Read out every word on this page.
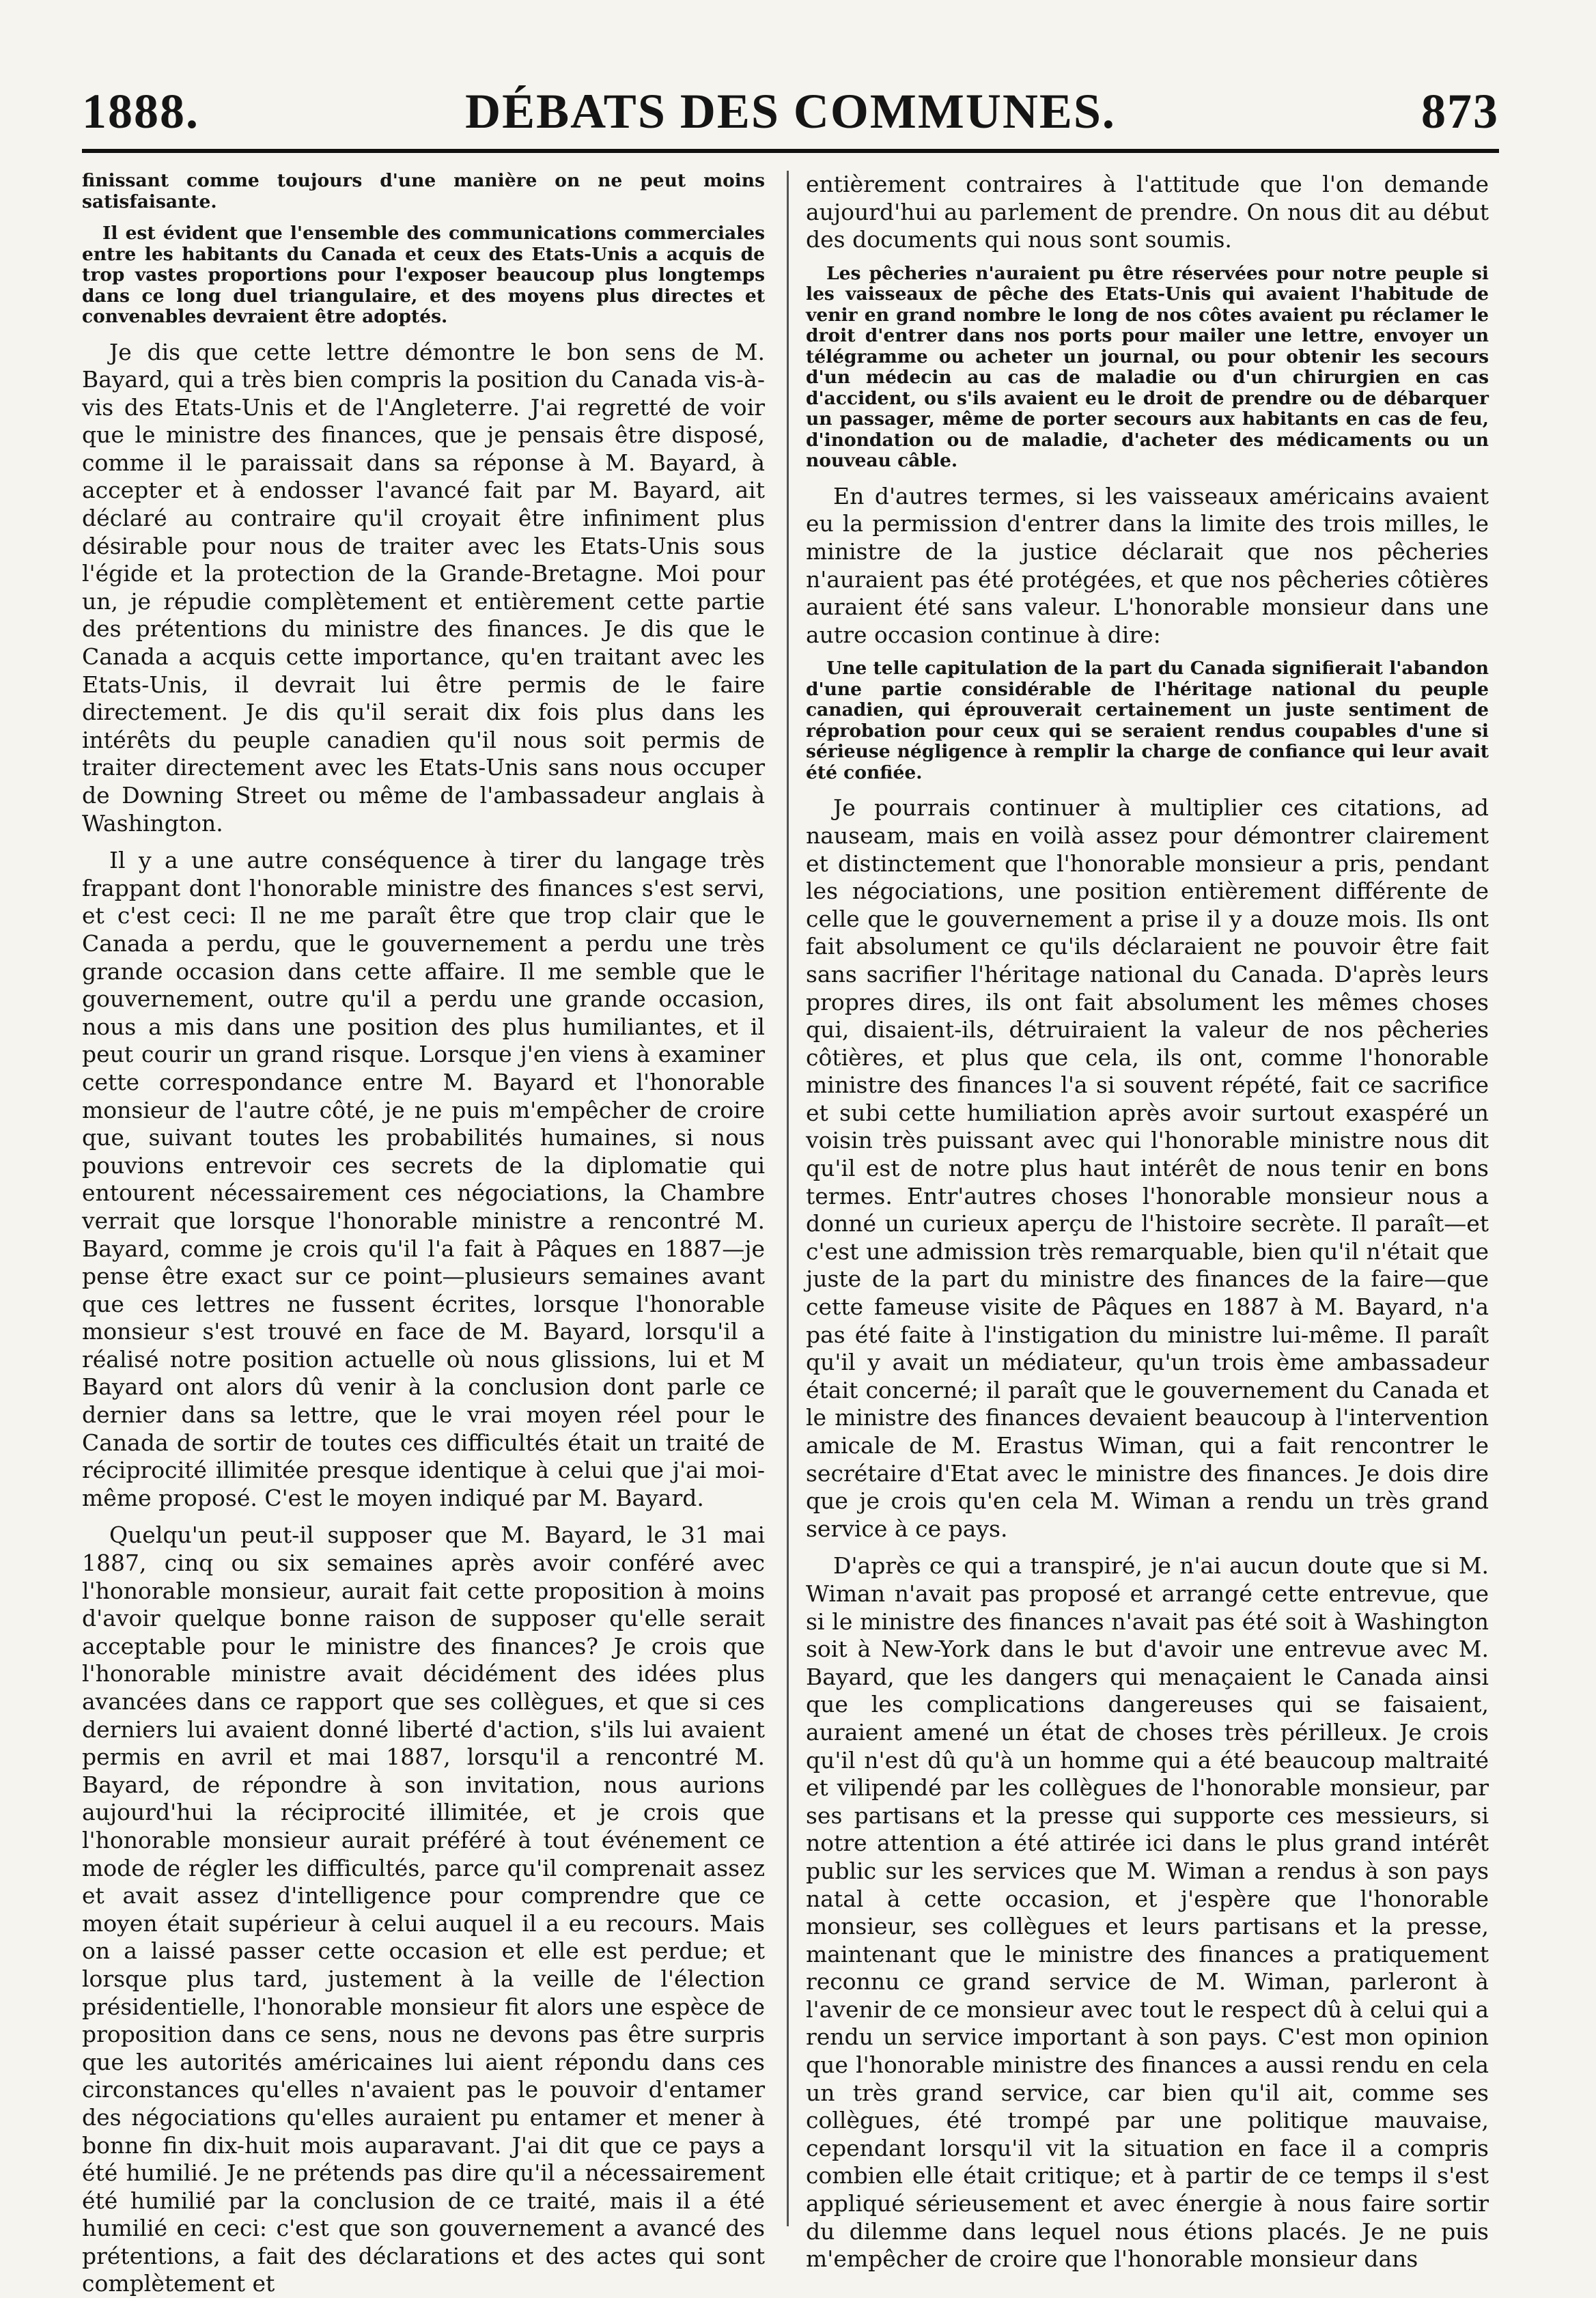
1888.	DÉBATS DES COMMUNES.	873

finissant comme toujours d'une manière on ne peut moins satisfaisante.

Il est évident que l'ensemble des communications commerciales entre les habitants du Canada et ceux des Etats-Unis a acquis de trop vastes proportions pour l'exposer beaucoup plus longtemps dans ce long duel triangulaire, et des moyens plus directes et convenables devraient être adoptés.

Je dis que cette lettre démontre le bon sens de M. Bayard, qui a très bien compris la position du Canada vis-à-vis des Etats-Unis et de l'Angleterre. J'ai regretté de voir que le ministre des finances, que je pensais être disposé, comme il le paraissait dans sa réponse à M. Bayard, à accepter et à endosser l'avancé fait par M. Bayard, ait déclaré au contraire qu'il croyait être infiniment plus désirable pour nous de traiter avec les Etats-Unis sous l'égide et la protection de la Grande-Bretagne. Moi pour un, je répudie complètement et entièrement cette partie des prétentions du ministre des finances. Je dis que le Canada a acquis cette importance, qu'en traitant avec les Etats-Unis, il devrait lui être permis de le faire directement. Je dis qu'il serait dix fois plus dans les intérêts du peuple canadien qu'il nous soit permis de traiter directement avec les Etats-Unis sans nous occuper de Downing Street ou même de l'ambassadeur anglais à Washington.

Il y a une autre conséquence à tirer du langage très frappant dont l'honorable ministre des finances s'est servi, et c'est ceci: Il ne me paraît être que trop clair que le Canada a perdu, que le gouvernement a perdu une très grande occasion dans cette affaire. Il me semble que le gouvernement, outre qu'il a perdu une grande occasion, nous a mis dans une position des plus humiliantes, et il peut courir un grand risque. Lorsque j'en viens à examiner cette correspondance entre M. Bayard et l'honorable monsieur de l'autre côté, je ne puis m'empêcher de croire que, suivant toutes les probabilités humaines, si nous pouvions entrevoir ces secrets de la diplomatie qui entourent nécessairement ces négociations, la Chambre verrait que lorsque l'honorable ministre a rencontré M. Bayard, comme je crois qu'il l'a fait à Pâques en 1887—je pense être exact sur ce point—plusieurs semaines avant que ces lettres ne fussent écrites, lorsque l'honorable monsieur s'est trouvé en face de M. Bayard, lorsqu'il a réalisé notre position actuelle où nous glissions, lui et M Bayard ont alors dû venir à la conclusion dont parle ce dernier dans sa lettre, que le vrai moyen réel pour le Canada de sortir de toutes ces difficultés était un traité de réciprocité illimitée presque identique à celui que j'ai moi-même proposé. C'est le moyen indiqué par M. Bayard.

Quelqu'un peut-il supposer que M. Bayard, le 31 mai 1887, cinq ou six semaines après avoir conféré avec l'honorable monsieur, aurait fait cette proposition à moins d'avoir quelque bonne raison de supposer qu'elle serait acceptable pour le ministre des finances? Je crois que l'honorable ministre avait décidément des idées plus avancées dans ce rapport que ses collègues, et que si ces derniers lui avaient donné liberté d'action, s'ils lui avaient permis en avril et mai 1887, lorsqu'il a rencontré M. Bayard, de répondre à son invitation, nous aurions aujourd'hui la réciprocité illimitée, et je crois que l'honorable monsieur aurait préféré à tout événement ce mode de régler les difficultés, parce qu'il comprenait assez et avait assez d'intelligence pour comprendre que ce moyen était supérieur à celui auquel il a eu recours. Mais on a laissé passer cette occasion et elle est perdue; et lorsque plus tard, justement à la veille de l'élection présidentielle, l'honorable monsieur fit alors une espèce de proposition dans ce sens, nous ne devons pas être surpris que les autorités américaines lui aient répondu dans ces circonstances qu'elles n'avaient pas le pouvoir d'entamer des négociations qu'elles auraient pu entamer et mener à bonne fin dix-huit mois auparavant. J'ai dit que ce pays a été humilié. Je ne prétends pas dire qu'il a nécessairement été humilié par la conclusion de ce traité, mais il a été humilié en ceci: c'est que son gouvernement a avancé des prétentions, a fait des déclarations et des actes qui sont complètement et

entièrement contraires à l'attitude que l'on demande aujourd'hui au parlement de prendre. On nous dit au début des documents qui nous sont soumis.

Les pêcheries n'auraient pu être réservées pour notre peuple si les vaisseaux de pêche des Etats-Unis qui avaient l'habitude de venir en grand nombre le long de nos côtes avaient pu réclamer le droit d'entrer dans nos ports pour mailer une lettre, envoyer un télégramme ou acheter un journal, ou pour obtenir les secours d'un médecin au cas de maladie ou d'un chirurgien en cas d'accident, ou s'ils avaient eu le droit de prendre ou de débarquer un passager, même de porter secours aux habitants en cas de feu, d'inondation ou de maladie, d'acheter des médicaments ou un nouveau câble.

En d'autres termes, si les vaisseaux américains avaient eu la permission d'entrer dans la limite des trois milles, le ministre de la justice déclarait que nos pêcheries n'auraient pas été protégées, et que nos pêcheries côtières auraient été sans valeur. L'honorable monsieur dans une autre occasion continue à dire:

Une telle capitulation de la part du Canada signifierait l'abandon d'une partie considérable de l'héritage national du peuple canadien, qui éprouverait certainement un juste sentiment de réprobation pour ceux qui se seraient rendus coupables d'une si sérieuse négligence à remplir la charge de confiance qui leur avait été confiée.

Je pourrais continuer à multiplier ces citations, ad nauseam, mais en voilà assez pour démontrer clairement et distinctement que l'honorable monsieur a pris, pendant les négociations, une position entièrement différente de celle que le gouvernement a prise il y a douze mois. Ils ont fait absolument ce qu'ils déclaraient ne pouvoir être fait sans sacrifier l'héritage national du Canada. D'après leurs propres dires, ils ont fait absolument les mêmes choses qui, disaient-ils, détruiraient la valeur de nos pêcheries côtières, et plus que cela, ils ont, comme l'honorable ministre des finances l'a si souvent répété, fait ce sacrifice et subi cette humiliation après avoir surtout exaspéré un voisin très puissant avec qui l'honorable ministre nous dit qu'il est de notre plus haut intérêt de nous tenir en bons termes. Entr'autres choses l'honorable monsieur nous a donné un curieux aperçu de l'histoire secrète. Il paraît—et c'est une admission très remarquable, bien qu'il n'était que juste de la part du ministre des finances de la faire—que cette fameuse visite de Pâques en 1887 à M. Bayard, n'a pas été faite à l'instigation du ministre lui-même. Il paraît qu'il y avait un médiateur, qu'un trois ème ambassadeur était concerné; il paraît que le gouvernement du Canada et le ministre des finances devaient beaucoup à l'intervention amicale de M. Erastus Wiman, qui a fait rencontrer le secrétaire d'Etat avec le ministre des finances. Je dois dire que je crois qu'en cela M. Wiman a rendu un très grand service à ce pays.

D'après ce qui a transpiré, je n'ai aucun doute que si M. Wiman n'avait pas proposé et arrangé cette entrevue, que si le ministre des finances n'avait pas été soit à Washington soit à New-York dans le but d'avoir une entrevue avec M. Bayard, que les dangers qui menaçaient le Canada ainsi que les complications dangereuses qui se faisaient, auraient amené un état de choses très périlleux. Je crois qu'il n'est dû qu'à un homme qui a été beaucoup maltraité et vilipendé par les collègues de l'honorable monsieur, par ses partisans et la presse qui supporte ces messieurs, si notre attention a été attirée ici dans le plus grand intérêt public sur les services que M. Wiman a rendus à son pays natal à cette occasion, et j'espère que l'honorable monsieur, ses collègues et leurs partisans et la presse, maintenant que le ministre des finances a pratiquement reconnu ce grand service de M. Wiman, parleront à l'avenir de ce monsieur avec tout le respect dû à celui qui a rendu un service important à son pays. C'est mon opinion que l'honorable ministre des finances a aussi rendu en cela un très grand service, car bien qu'il ait, comme ses collègues, été trompé par une politique mauvaise, cependant lorsqu'il vit la situation en face il a compris combien elle était critique; et à partir de ce temps il s'est appliqué sérieusement et avec énergie à nous faire sortir du dilemme dans lequel nous étions placés. Je ne puis m'empêcher de croire que l'honorable monsieur dans
